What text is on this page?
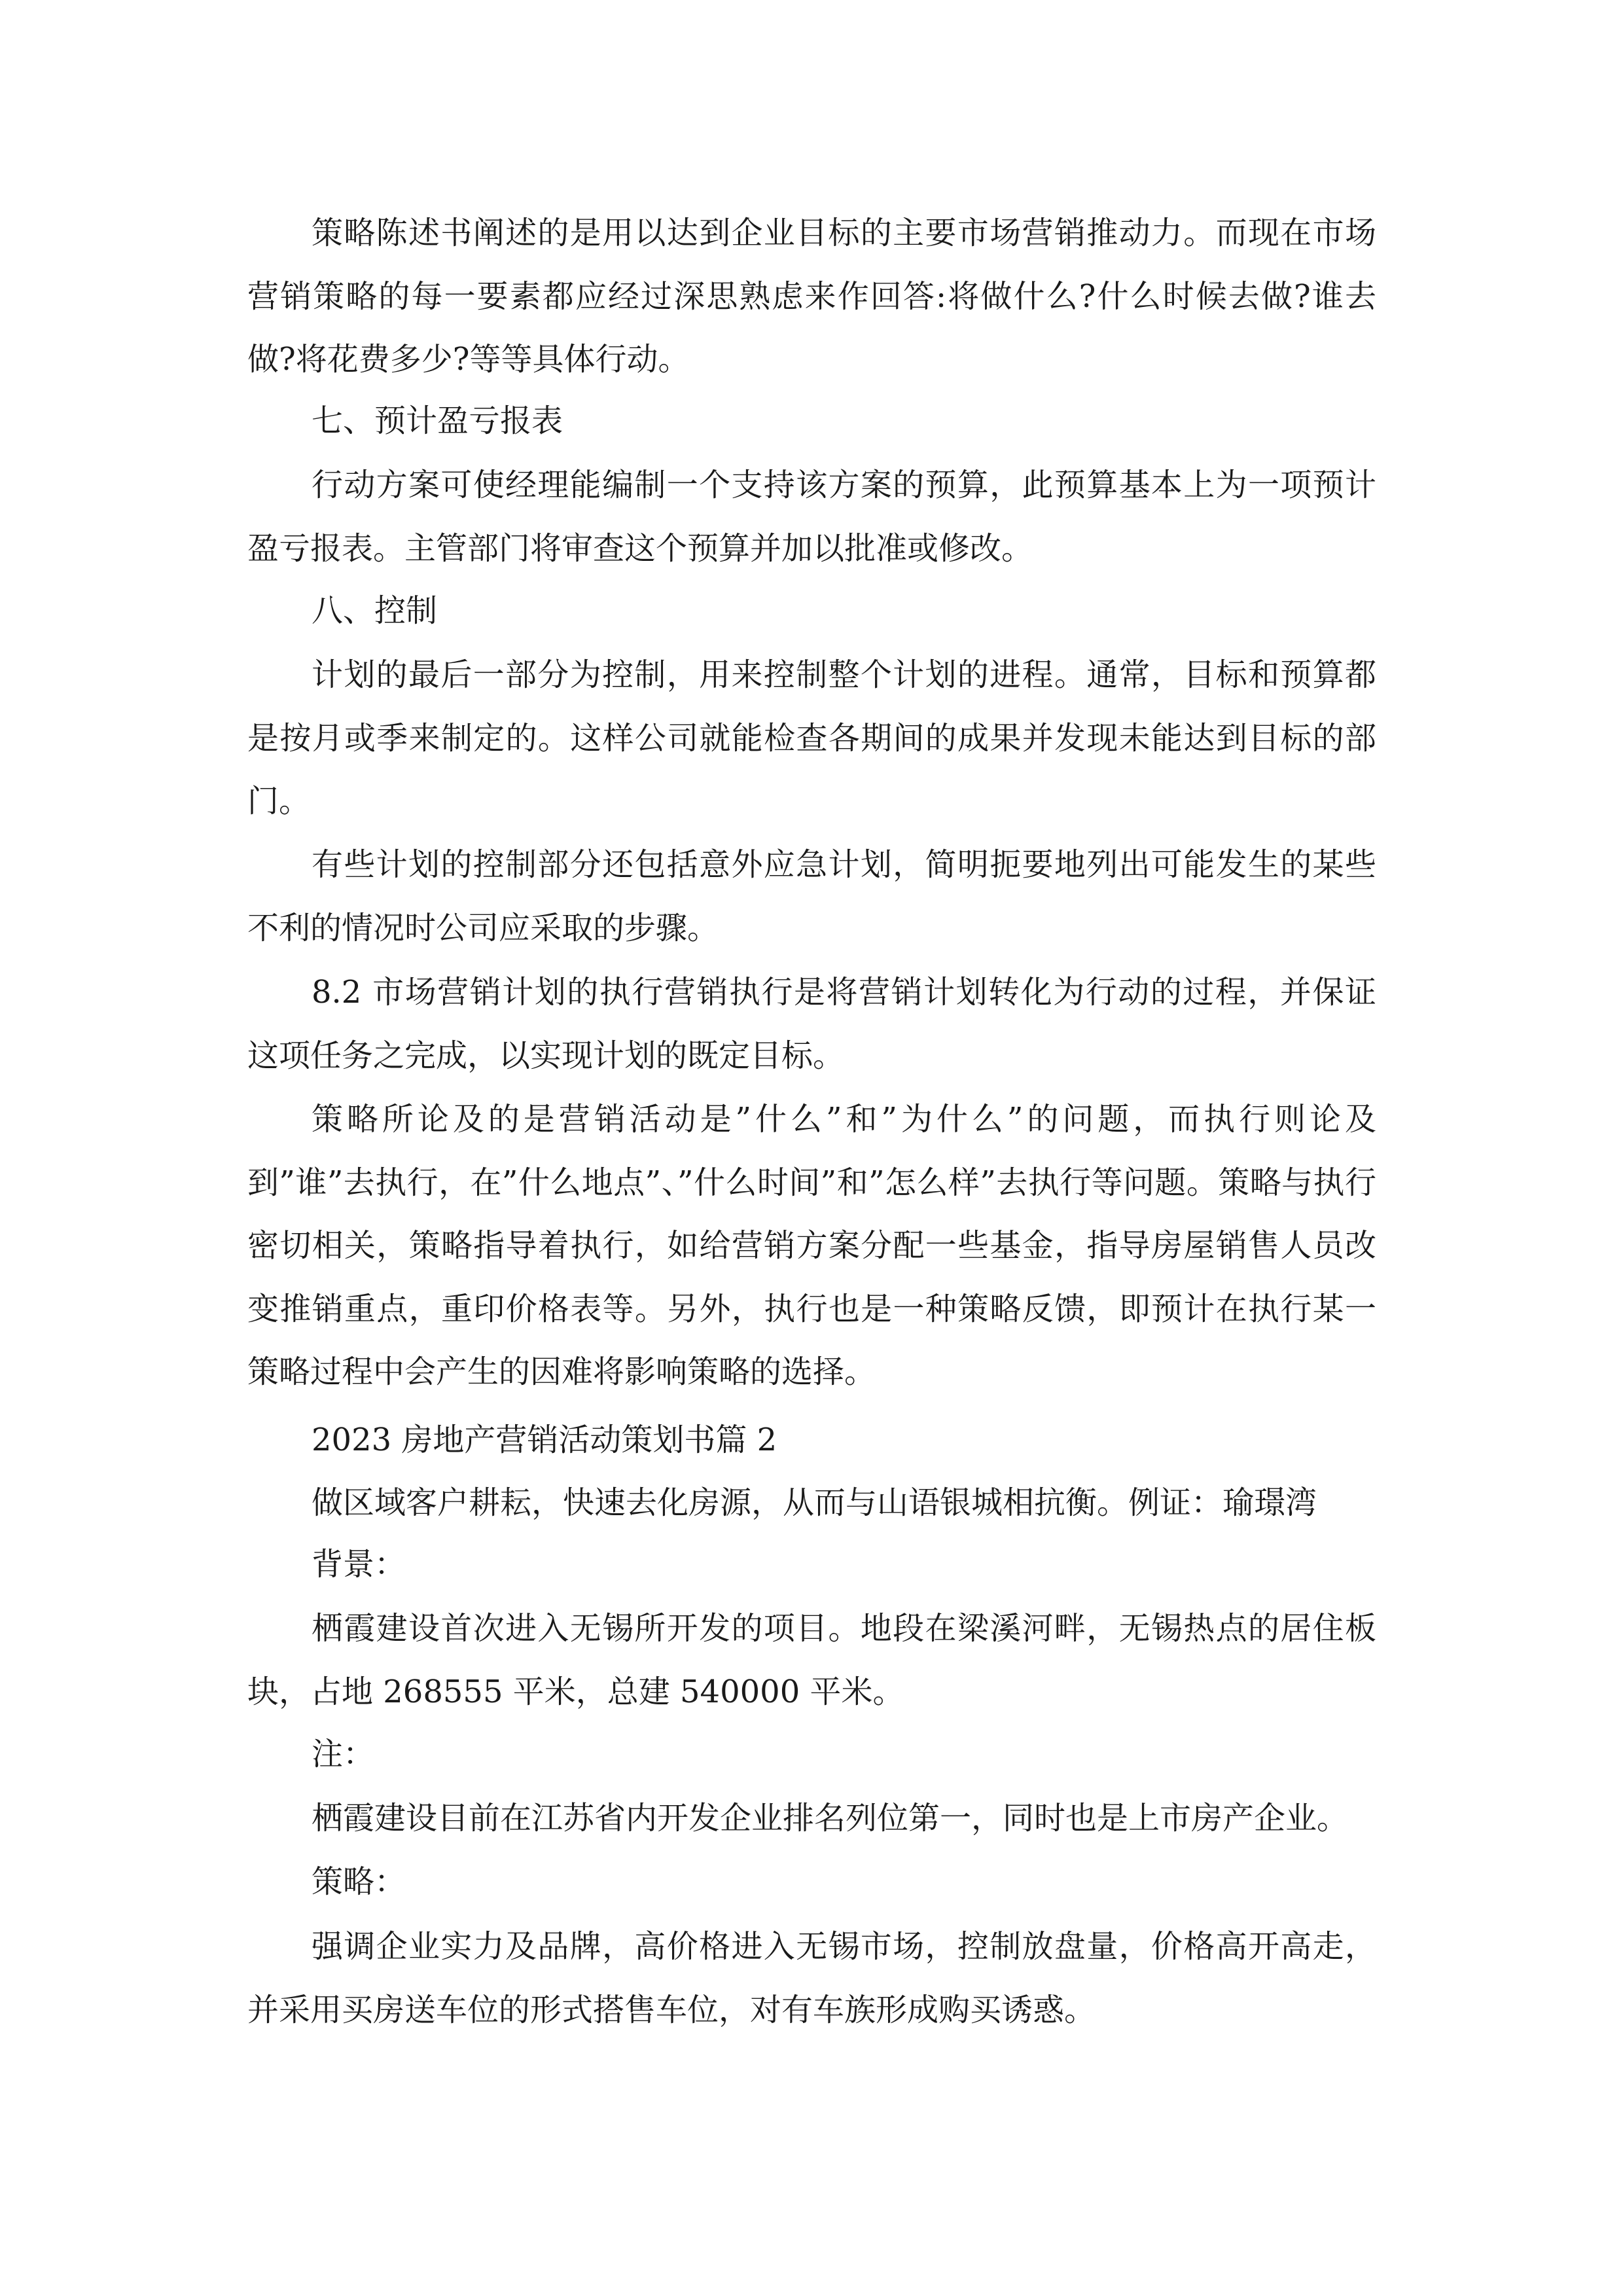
策略陈述书阐述的是用以达到企业目标的主要市场营销推动力。而现在市场营销策略的每一要素都应经过深思熟虑来作回答:将做什么?什么时候去做?谁去做?将花费多少?等等具体行动。

七、预计盈亏报表

行动方案可使经理能编制一个支持该方案的预算，此预算基本上为一项预计盈亏报表。主管部门将审查这个预算并加以批准或修改。

八、控制

计划的最后一部分为控制，用来控制整个计划的进程。通常，目标和预算都是按月或季来制定的。这样公司就能检查各期间的成果并发现未能达到目标的部门。

有些计划的控制部分还包括意外应急计划，简明扼要地列出可能发生的某些不利的情况时公司应采取的步骤。

8.2 市场营销计划的执行营销执行是将营销计划转化为行动的过程，并保证这项任务之完成，以实现计划的既定目标。

策略所论及的是营销活动是”什么”和”为什么”的问题，而执行则论及到”谁”去执行，在”什么地点”、”什么时间”和”怎么样”去执行等问题。策略与执行密切相关，策略指导着执行，如给营销方案分配一些基金，指导房屋销售人员改变推销重点，重印价格表等。另外，执行也是一种策略反馈，即预计在执行某一策略过程中会产生的因难将影响策略的选择。

2023 房地产营销活动策划书篇 2

做区域客户耕耘，快速去化房源，从而与山语银城相抗衡。例证：瑜璟湾

背景：

栖霞建设首次进入无锡所开发的项目。地段在梁溪河畔，无锡热点的居住板块，占地 268555 平米，总建 540000 平米。

注：

栖霞建设目前在江苏省内开发企业排名列位第一，同时也是上市房产企业。

策略：

强调企业实力及品牌，高价格进入无锡市场，控制放盘量，价格高开高走，并采用买房送车位的形式搭售车位，对有车族形成购买诱惑。
